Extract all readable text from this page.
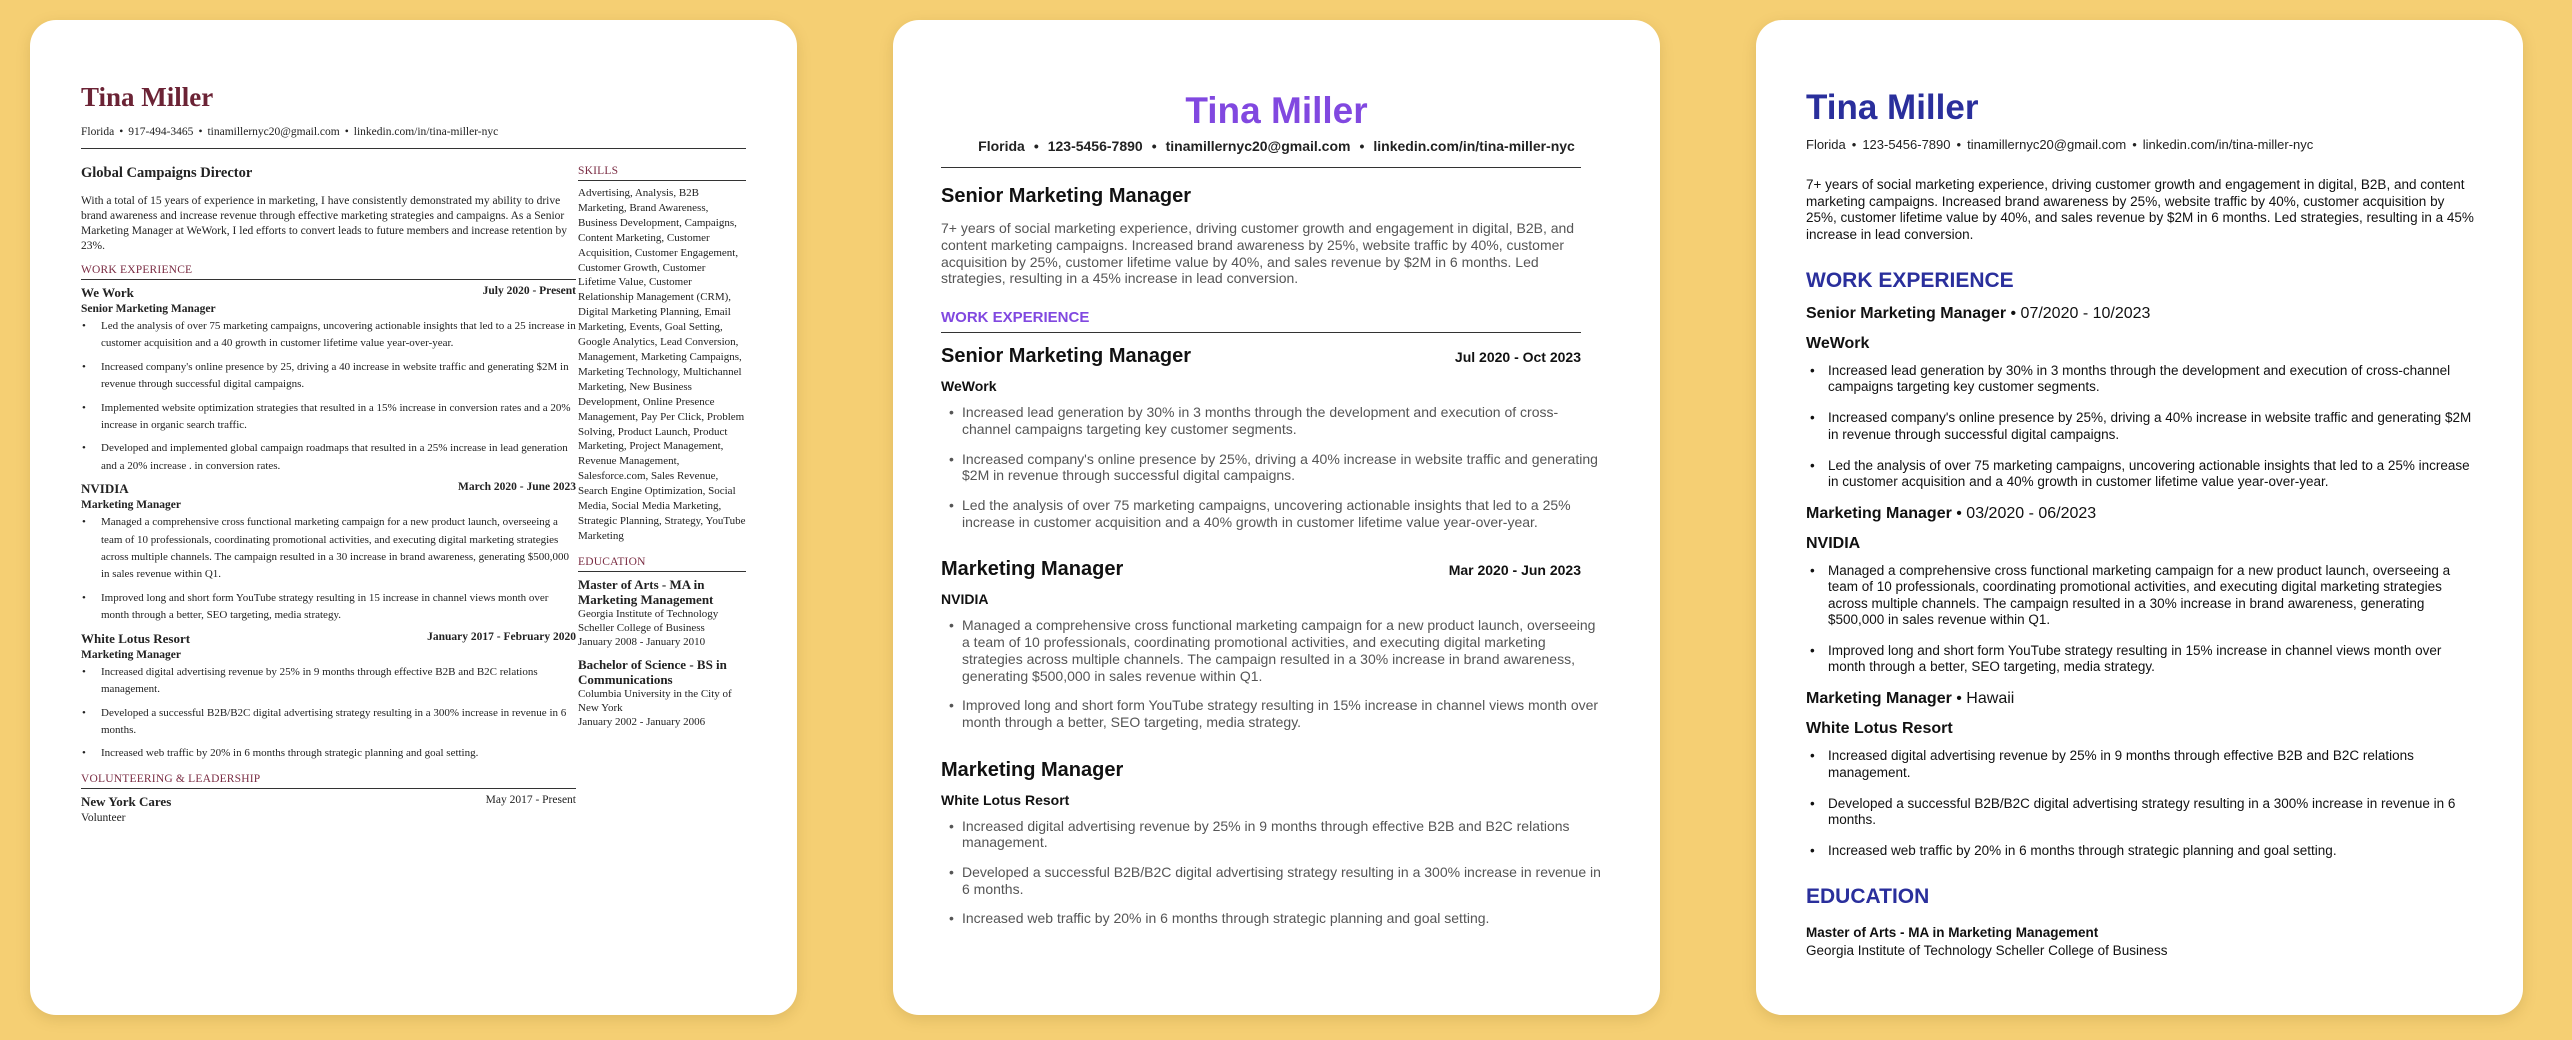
Tina Miller
Florida • 917-494-3465 • tinamillernyc20@gmail.com • linkedin.com/in/tina-miller-nyc
Global Campaigns Director

With a total of 15 years of experience in marketing, I have consistently demonstrated my ability to drive brand awareness and increase revenue through effective marketing strategies and campaigns. As a Senior Marketing Manager at WeWork, I led efforts to convert leads to future members and increase retention by 23%.

WORK EXPERIENCE
We Work	July 2020 - Present
Senior Marketing Manager
• Led the analysis of over 75 marketing campaigns, uncovering actionable insights that led to a 25 increase in customer acquisition and a 40 growth in customer lifetime value year-over-year.
• Increased company's online presence by 25, driving a 40 increase in website traffic and generating $2M in revenue through successful digital campaigns.
• Implemented website optimization strategies that resulted in a 15% increase in conversion rates and a 20% increase in organic search traffic.
• Developed and implemented global campaign roadmaps that resulted in a 25% increase in lead generation and a 20% increase . in conversion rates.
NVIDIA	March 2020 - June 2023
Marketing Manager
• Managed a comprehensive cross functional marketing campaign for a new product launch, overseeing a team of 10 professionals, coordinating promotional activities, and executing digital marketing strategies across multiple channels. The campaign resulted in a 30 increase in brand awareness, generating $500,000 in sales revenue within Q1.
• Improved long and short form YouTube strategy resulting in 15 increase in channel views month over month through a better, SEO targeting, media strategy.
White Lotus Resort	January 2017 - February 2020
Marketing Manager
• Increased digital advertising revenue by 25% in 9 months through effective B2B and B2C relations management.
• Developed a successful B2B/B2C digital advertising strategy resulting in a 300% increase in revenue in 6 months.
• Increased web traffic by 20% in 6 months through strategic planning and goal setting.
VOLUNTEERING & LEADERSHIP
New York Cares	May 2017 - Present
Volunteer
SKILLS

Advertising, Analysis, B2B Marketing, Brand Awareness, Business Development, Campaigns, Content Marketing, Customer Acquisition, Customer Engagement, Customer Growth, Customer Lifetime Value, Customer Relationship Management (CRM), Digital Marketing Planning, Email Marketing, Events, Goal Setting, Google Analytics, Lead Conversion, Management, Marketing Campaigns, Marketing Technology, Multichannel Marketing, New Business Development, Online Presence Management, Pay Per Click, Problem Solving, Product Launch, Product Marketing, Project Management, Revenue Management, Salesforce.com, Sales Revenue, Search Engine Optimization, Social Media, Social Media Marketing, Strategic Planning, Strategy, YouTube Marketing

EDUCATION
Master of Arts - MA in Marketing Management
Georgia Institute of Technology Scheller College of Business
January 2008 - January 2010
Bachelor of Science - BS in Communications
Columbia University in the City of New York
January 2002 - January 2006
Tina Miller
Florida • 123-5456-7890 • tinamillernyc20@gmail.com • linkedin.com/in/tina-miller-nyc
Senior Marketing Manager

7+ years of social marketing experience, driving customer growth and engagement in digital, B2B, and content marketing campaigns. Increased brand awareness by 25%, website traffic by 40%, customer acquisition by 25%, customer lifetime value by 40%, and sales revenue by $2M in 6 months. Led strategies, resulting in a 45% increase in lead conversion.

WORK EXPERIENCE
Senior Marketing Manager	Jul 2020 - Oct 2023
WeWork
• Increased lead generation by 30% in 3 months through the development and execution of cross-channel campaigns targeting key customer segments.
• Increased company's online presence by 25%, driving a 40% increase in website traffic and generating $2M in revenue through successful digital campaigns.
• Led the analysis of over 75 marketing campaigns, uncovering actionable insights that led to a 25% increase in customer acquisition and a 40% growth in customer lifetime value year-over-year.
Marketing Manager	Mar 2020 - Jun 2023
NVIDIA
• Managed a comprehensive cross functional marketing campaign for a new product launch, overseeing a team of 10 professionals, coordinating promotional activities, and executing digital marketing strategies across multiple channels. The campaign resulted in a 30% increase in brand awareness, generating $500,000 in sales revenue within Q1.
• Improved long and short form YouTube strategy resulting in 15% increase in channel views month over month through a better, SEO targeting, media strategy.
Marketing Manager
White Lotus Resort
• Increased digital advertising revenue by 25% in 9 months through effective B2B and B2C relations management.
• Developed a successful B2B/B2C digital advertising strategy resulting in a 300% increase in revenue in 6 months.
• Increased web traffic by 20% in 6 months through strategic planning and goal setting.
Tina Miller
Florida • 123-5456-7890 • tinamillernyc20@gmail.com • linkedin.com/in/tina-miller-nyc

7+ years of social marketing experience, driving customer growth and engagement in digital, B2B, and content marketing campaigns. Increased brand awareness by 25%, website traffic by 40%, customer acquisition by 25%, customer lifetime value by 40%, and sales revenue by $2M in 6 months. Led strategies, resulting in a 45% increase in lead conversion.

WORK EXPERIENCE
Senior Marketing Manager • 07/2020 - 10/2023
WeWork
• Increased lead generation by 30% in 3 months through the development and execution of cross-channel campaigns targeting key customer segments.
• Increased company's online presence by 25%, driving a 40% increase in website traffic and generating $2M in revenue through successful digital campaigns.
• Led the analysis of over 75 marketing campaigns, uncovering actionable insights that led to a 25% increase in customer acquisition and a 40% growth in customer lifetime value year-over-year.
Marketing Manager • 03/2020 - 06/2023
NVIDIA
• Managed a comprehensive cross functional marketing campaign for a new product launch, overseeing a team of 10 professionals, coordinating promotional activities, and executing digital marketing strategies across multiple channels. The campaign resulted in a 30% increase in brand awareness, generating $500,000 in sales revenue within Q1.
• Improved long and short form YouTube strategy resulting in 15% increase in channel views month over month through a better, SEO targeting, media strategy.
Marketing Manager • Hawaii
White Lotus Resort
• Increased digital advertising revenue by 25% in 9 months through effective B2B and B2C relations management.
• Developed a successful B2B/B2C digital advertising strategy resulting in a 300% increase in revenue in 6 months.
• Increased web traffic by 20% in 6 months through strategic planning and goal setting.
EDUCATION
Master of Arts - MA in Marketing Management
Georgia Institute of Technology Scheller College of Business
